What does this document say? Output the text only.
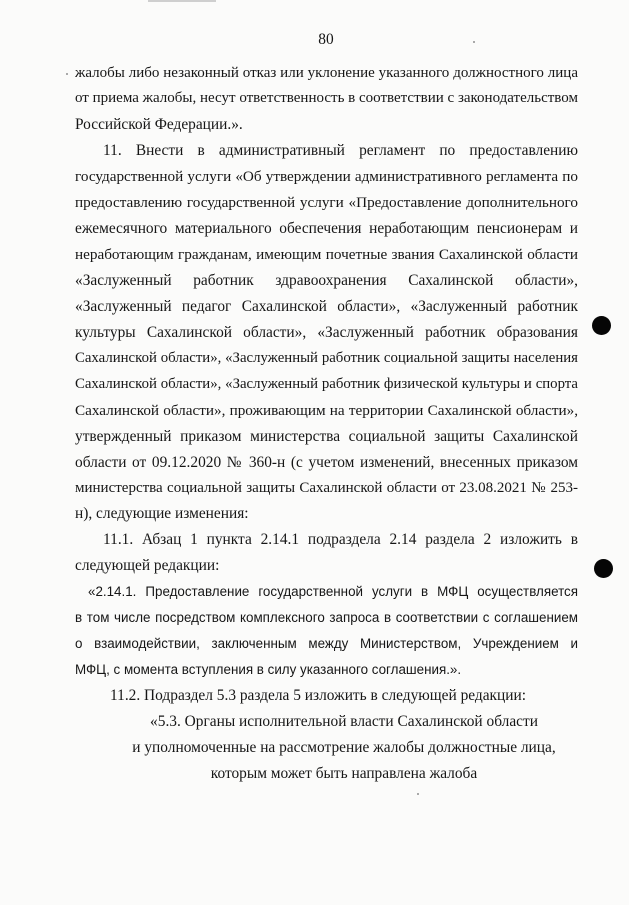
80
жалобы либо незаконный отказ или уклонение указанного должностного лица
от приема жалобы, несут ответственность в соответствии с законодательством
Российской Федерации.».
11. Внести в административный регламент по предоставлению
государственной услуги «Об утверждении административного регламента по
предоставлению государственной услуги «Предоставление дополнительного
ежемесячного материального обеспечения неработающим пенсионерам и
неработающим гражданам, имеющим почетные звания Сахалинской области
«Заслуженный работник здравоохранения Сахалинской области»,
«Заслуженный педагог Сахалинской области», «Заслуженный работник
культуры Сахалинской области», «Заслуженный работник образования
Сахалинской области», «Заслуженный работник социальной защиты населения
Сахалинской области», «Заслуженный работник физической культуры и спорта
Сахалинской области», проживающим на территории Сахалинской области»,
утвержденный приказом министерства социальной защиты Сахалинской
области от 09.12.2020 № 360-н (с учетом изменений, внесенных приказом
министерства социальной защиты Сахалинской области от 23.08.2021 № 253-
н), следующие изменения:
11.1. Абзац 1 пункта 2.14.1 подраздела 2.14 раздела 2 изложить в
следующей редакции:
«2.14.1. Предоставление государственной услуги в МФЦ осуществляется
в том числе посредством комплексного запроса в соответствии с соглашением
о взаимодействии, заключенным между Министерством, Учреждением и
МФЦ, с момента вступления в силу указанного соглашения.».
11.2. Подраздел 5.3 раздела 5 изложить в следующей редакции:
«5.3. Органы исполнительной власти Сахалинской области
и уполномоченные на рассмотрение жалобы должностные лица,
которым может быть направлена жалоба
